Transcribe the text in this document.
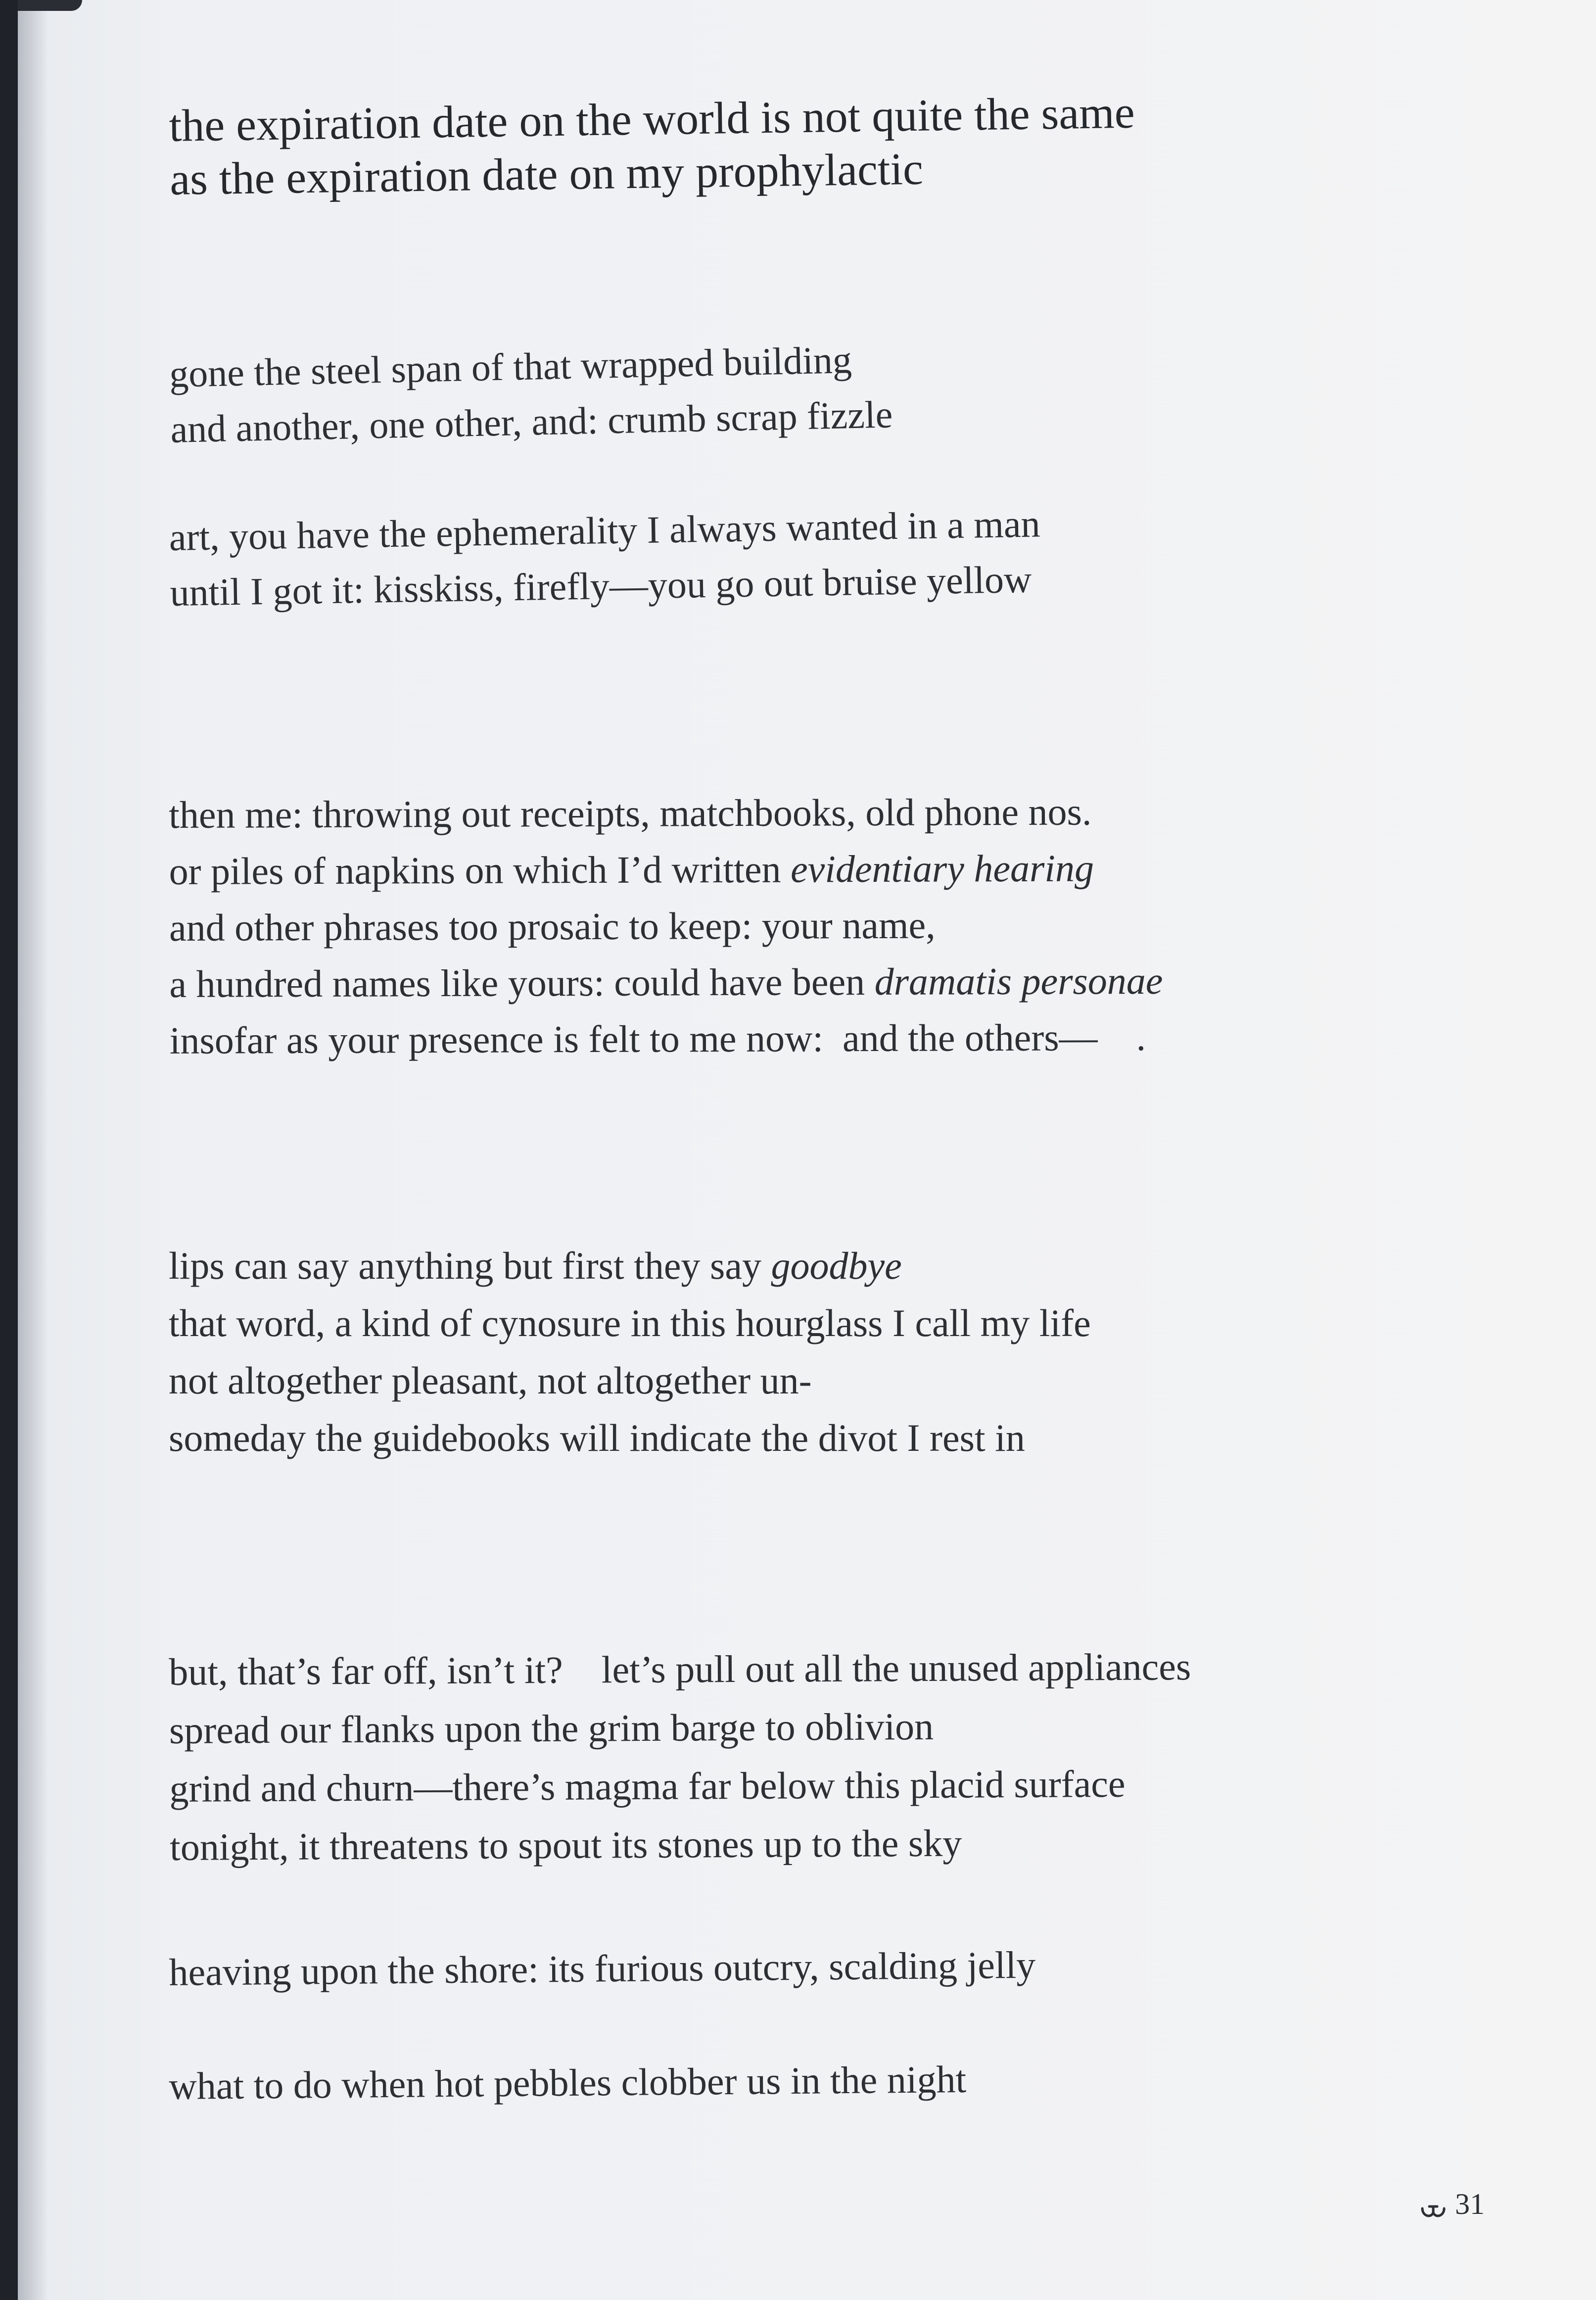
the expiration date on the world is not quite the same
as the expiration date on my prophylactic

gone the steel span of that wrapped building
and another, one other, and: crumb scrap fizzle

art, you have the ephemerality I always wanted in a man
until I got it: kisskiss, firefly—you go out bruise yellow

then me: throwing out receipts, matchbooks, old phone nos.
or piles of napkins on which I’d written evidentiary hearing
and other phrases too prosaic to keep: your name,
a hundred names like yours: could have been dramatis personae
insofar as your presence is felt to me now:  and the others—    .

lips can say anything but first they say goodbye
that word, a kind of cynosure in this hourglass I call my life
not altogether pleasant, not altogether un-
someday the guidebooks will indicate the divot I rest in

but, that’s far off, isn’t it?    let’s pull out all the unused appliances
spread our flanks upon the grim barge to oblivion
grind and churn—there’s magma far below this placid surface
tonight, it threatens to spout its stones up to the sky

heaving upon the shore: its furious outcry, scalding jelly

what to do when hot pebbles clobber us in the night

31
